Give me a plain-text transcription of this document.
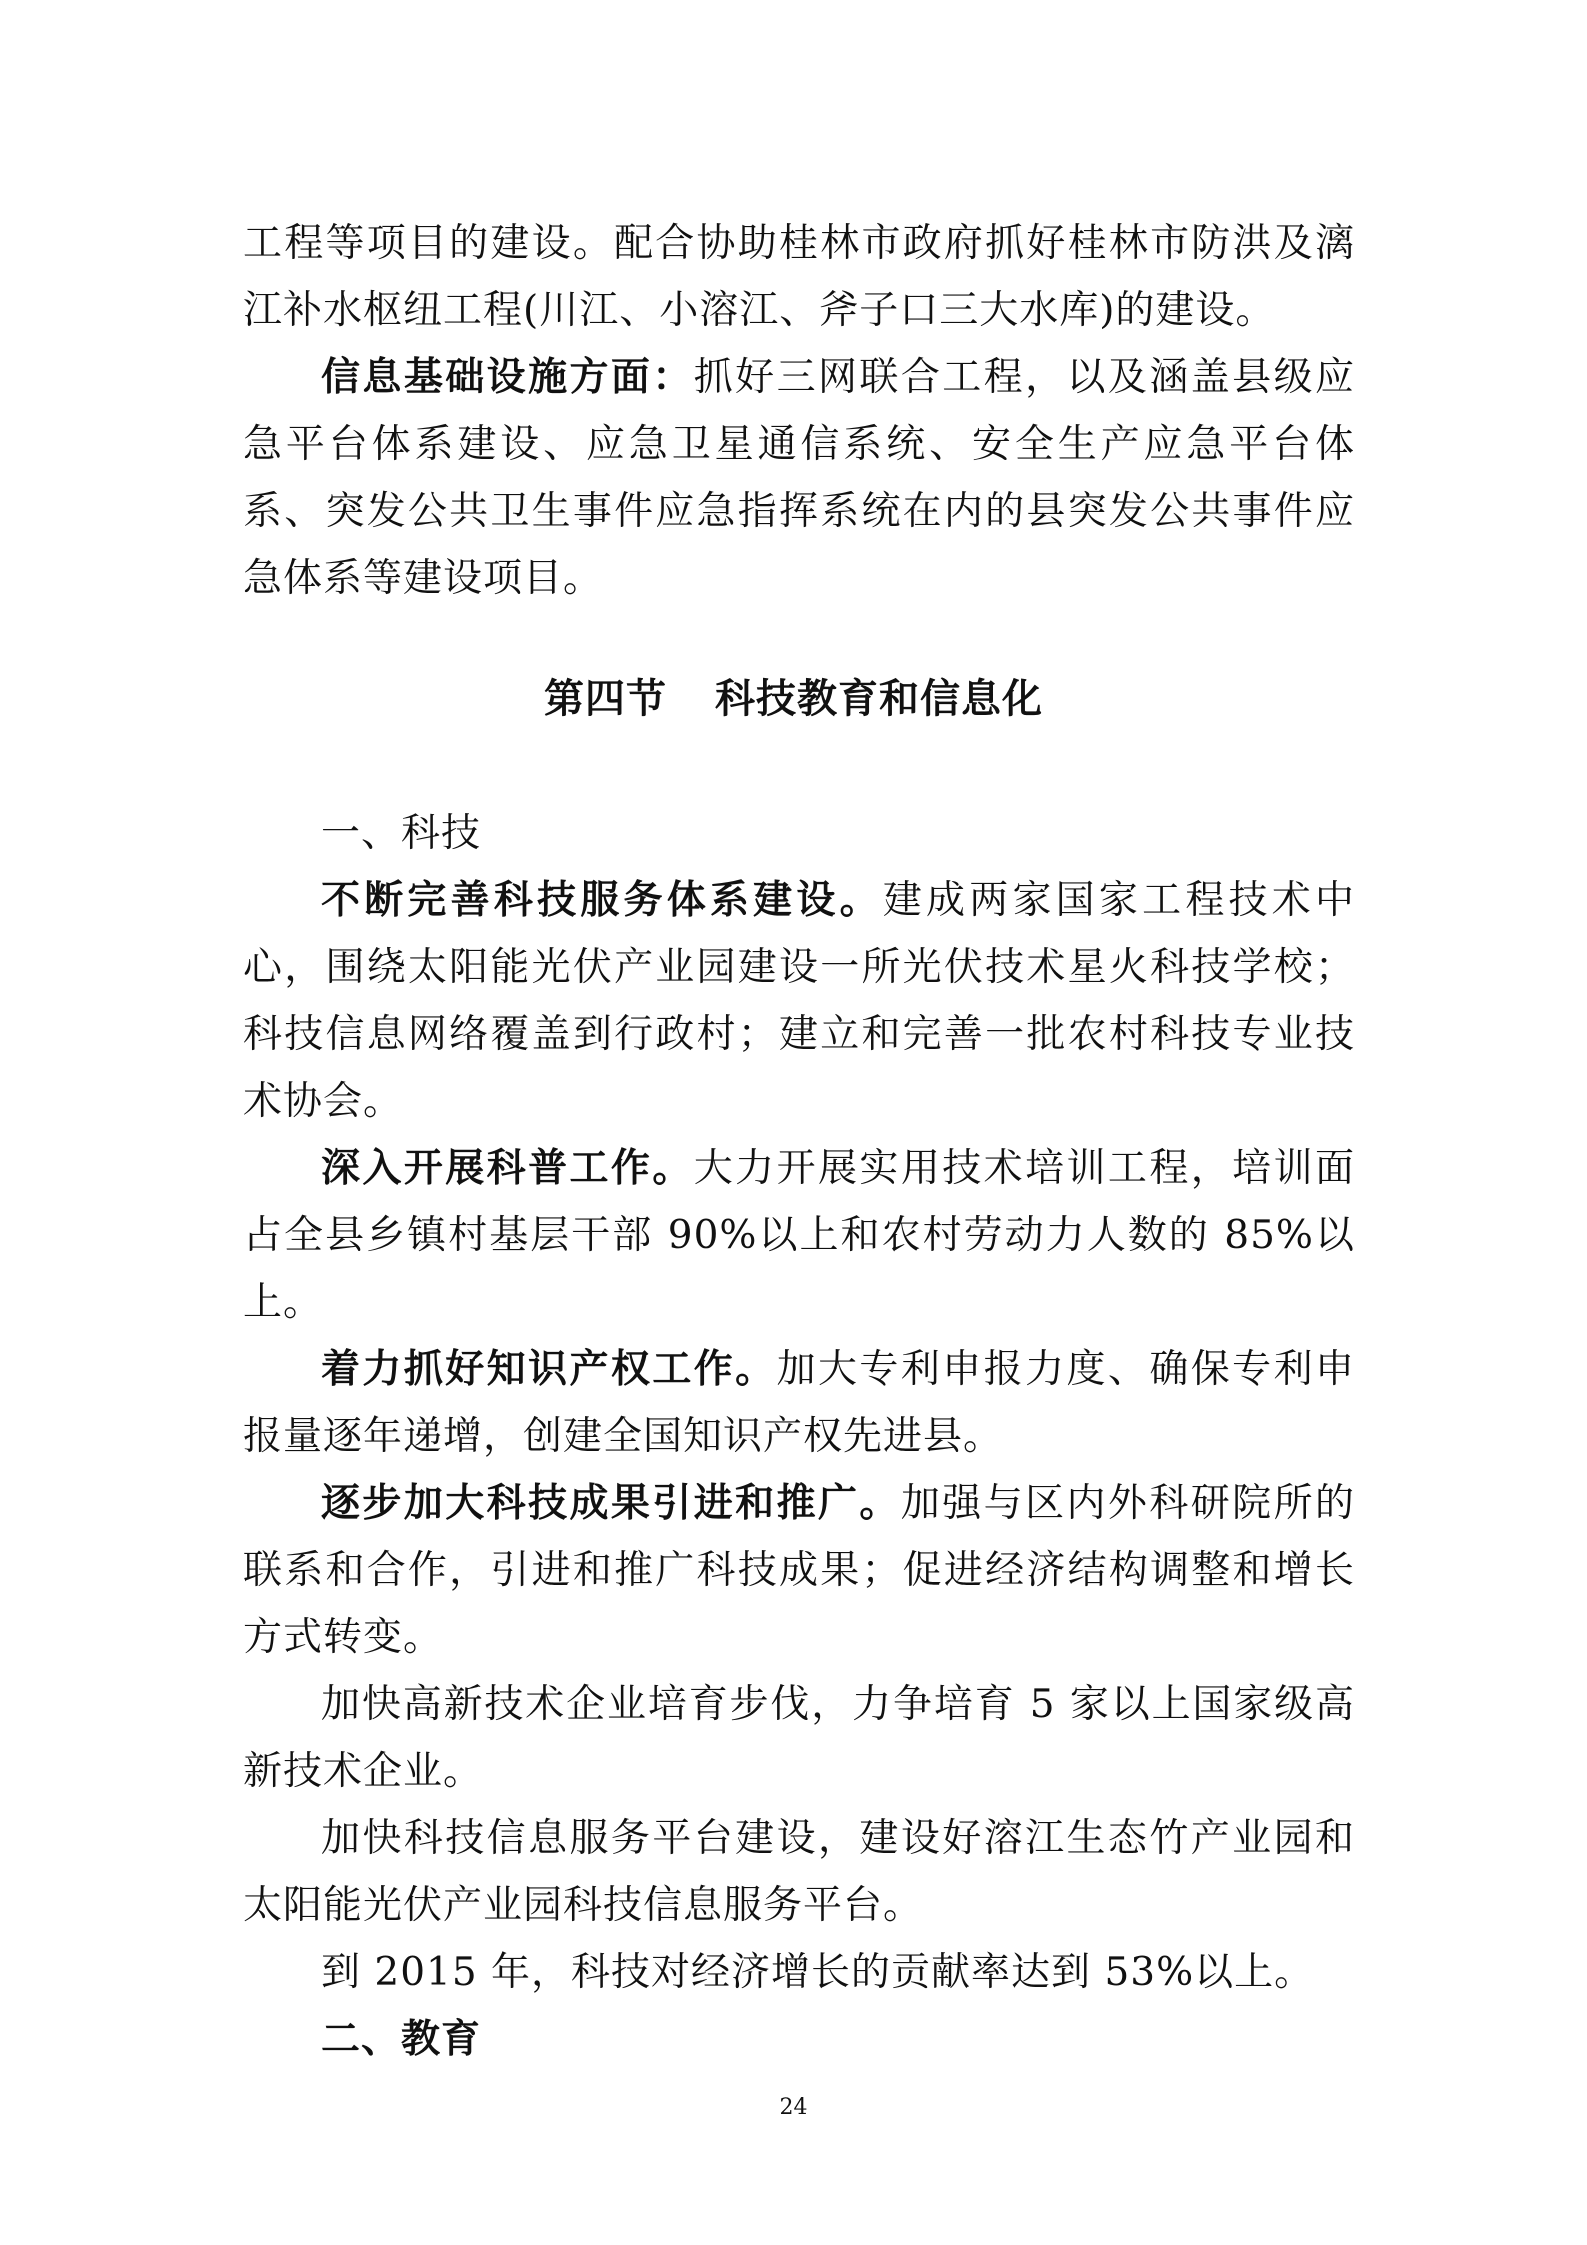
工程等项目的建设。配合协助桂林市政府抓好桂林市防洪及漓江补水枢纽工程(川江、小溶江、斧子口三大水库)的建设。

信息基础设施方面：抓好三网联合工程，以及涵盖县级应急平台体系建设、应急卫星通信系统、安全生产应急平台体系、突发公共卫生事件应急指挥系统在内的县突发公共事件应急体系等建设项目。

第四节 科技教育和信息化

一、科技

不断完善科技服务体系建设。建成两家国家工程技术中心，围绕太阳能光伏产业园建设一所光伏技术星火科技学校；科技信息网络覆盖到行政村；建立和完善一批农村科技专业技术协会。

深入开展科普工作。大力开展实用技术培训工程，培训面占全县乡镇村基层干部 90%以上和农村劳动力人数的 85%以上。

着力抓好知识产权工作。加大专利申报力度、确保专利申报量逐年递增，创建全国知识产权先进县。

逐步加大科技成果引进和推广。加强与区内外科研院所的联系和合作，引进和推广科技成果；促进经济结构调整和增长方式转变。

加快高新技术企业培育步伐，力争培育 5 家以上国家级高新技术企业。

加快科技信息服务平台建设，建设好溶江生态竹产业园和太阳能光伏产业园科技信息服务平台。

到 2015 年，科技对经济增长的贡献率达到 53%以上。

二、教育

24
